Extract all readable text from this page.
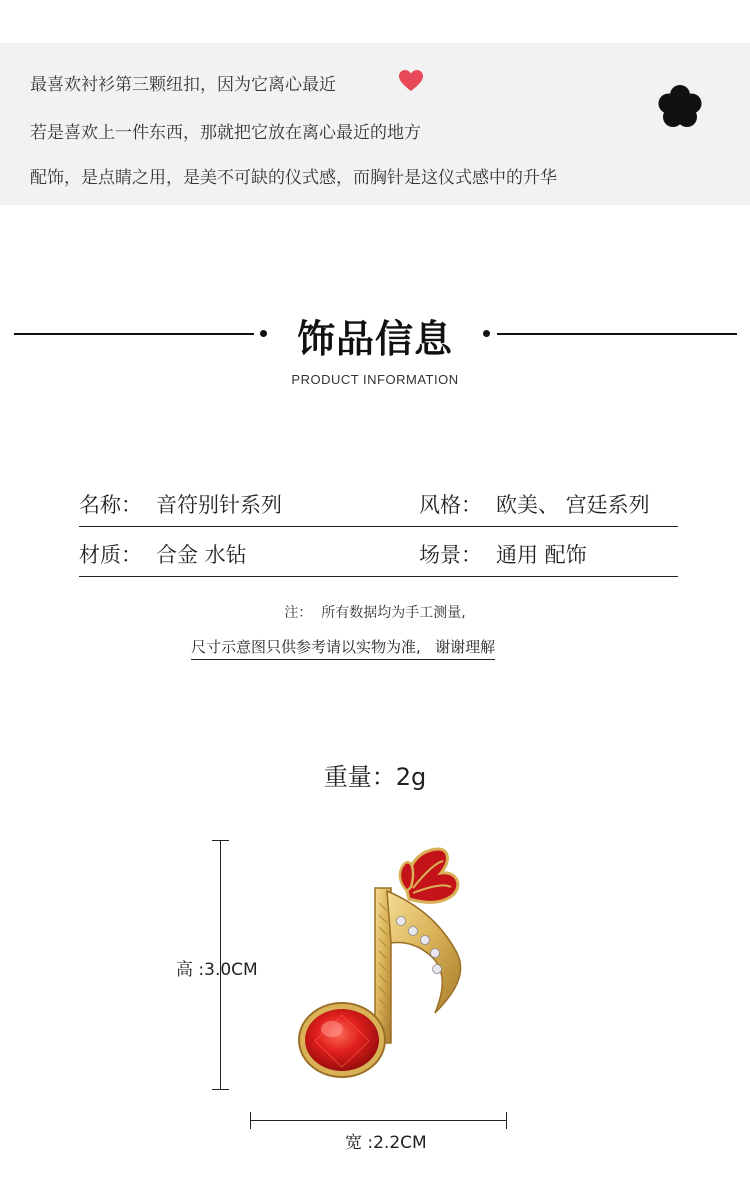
最喜欢衬衫第三颗纽扣，因为它离心最近
若是喜欢上一件东西，那就把它放在离心最近的地方
配饰，是点睛之用，是美不可缺的仪式感，而胸针是这仪式感中的升华
饰品信息
PRODUCT INFORMATION
名称： 音符别针系列	风格： 欧美、 宫廷系列
材质： 合金 水钻	场景： 通用 配饰
注：  所有数据均为手工测量,
尺寸示意图只供参考请以实物为准,   谢谢理解
重量：2g
高 :3.0CM
宽 :2.2CM
